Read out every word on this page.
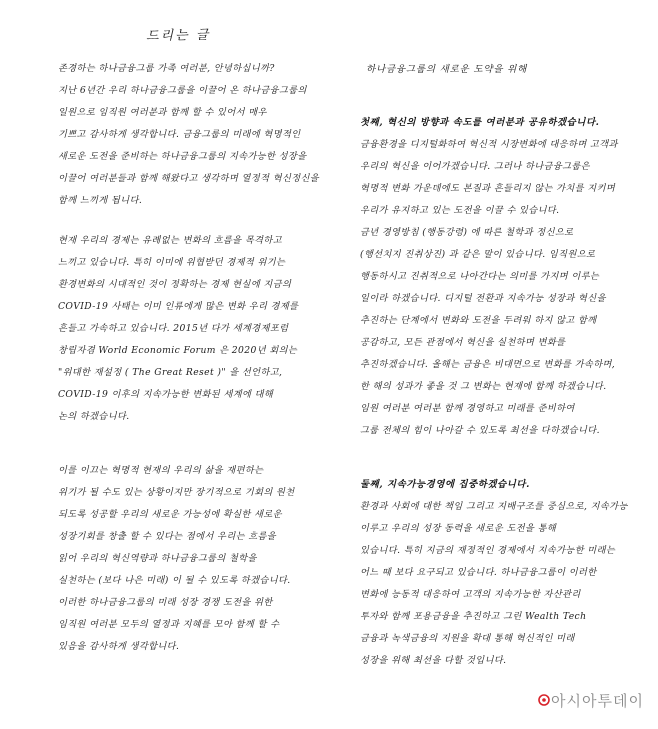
드리는 글
존경하는 하나금융그룹 가족 여러분, 안녕하십니까?
지난 6년간 우리 하나금융그룹을 이끌어 온 하나금융그룹의
일원으로 임직원 여러분과 함께 할 수 있어서 매우
기쁘고 감사하게 생각합니다. 금융그룹의 미래에 혁명적인
새로운 도전을 준비하는 하나금융그룹의 지속가능한 성장을
이끌어 여러분들과 함께 해왔다고 생각하며 열정적 혁신정신을
함께 느끼게 됩니다.
현재 우리의 경제는 유례없는 변화의 흐름을 목격하고
느끼고 있습니다. 특히 이미에 위협받던 경제적 위기는
환경변화의 시대적인 것이 정확하는 경제 현실에 지금의
COVID-19 사태는 이미 인류에게 많은 변화 우리 경제를
흔들고 가속하고 있습니다. 2015년 다가 세계경제포럼
창립자겸 World Economic Forum 은 2020년 회의는
"위대한 재설정 ( The Great Reset )" 을 선언하고,
COVID-19 이후의 지속가능한 변화된 세계에 대해
논의 하겠습니다.
이를 이끄는 혁명적 현재의 우리의 삶을 재편하는
위기가 될 수도 있는 상황이지만 장기적으로 기회의 원천
되도록 성공할 우리의 새로운 가능성에 확실한 새로운
성장기회를 창출 할 수 있다는 점에서 우리는 흐름을
읽어 우리의 혁신역량과 하나금융그룹의 철학을
실천하는 (보다 나은 미래) 이 될 수 있도록 하겠습니다.
이러한 하나금융그룹의 미래 성장 경쟁 도전을 위한
임직원 여러분 모두의 열정과 지혜를 모아 함께 할 수
있음을 감사하게 생각합니다.
하나금융그룹의 새로운 도약을 위해
첫째, 혁신의 방향과 속도를 여러분과 공유하겠습니다.
금융환경을 디지털화하여 혁신적 시장변화에 대응하며 고객과
우리의 혁신을 이어가겠습니다. 그러나 하나금융그룹은
혁명적 변화 가운데에도 본질과 흔들리지 않는 가치를 지키며
우리가 유지하고 있는 도전을 이끌 수 있습니다.
금년 경영방침 (행동강령) 에 따른 철학과 정신으로
(행선치지 진취상진) 과 같은 말이 있습니다. 임직원으로
행동하시고 진취적으로 나아간다는 의미를 가지며 이루는
일이라 하겠습니다. 디지털 전환과 지속가능 성장과 혁신을
추진하는 단계에서 변화와 도전을 두려워 하지 않고 함께
공감하고, 모든 관점에서 혁신을 실천하며 변화를
추진하겠습니다. 올해는 금융은 비대면으로 변화를 가속하며,
한 해의 성과가 좋을 것 그 변화는 현재에 함께 하겠습니다.
임원 여러분 여러분 함께 경영하고 미래를 준비하여
그룹 전체의 힘이 나아갈 수 있도록 최선을 다하겠습니다.
둘째, 지속가능경영에 집중하겠습니다.
환경과 사회에 대한 책임 그리고 지배구조를 중심으로, 지속가능
이루고 우리의 성장 동력을 새로운 도전을 통해
있습니다. 특히 지금의 재정적인 경제에서 지속가능한 미래는
어느 때 보다 요구되고 있습니다. 하나금융그룹이 이러한
변화에 능동적 대응하여 고객의 지속가능한 자산관리
투자와 함께 포용금융을 추진하고 그린 Wealth Tech
금융과 녹색금융의 지원을 확대 통해 혁신적인 미래
성장을 위해 최선을 다할 것입니다.
아시아투데이
